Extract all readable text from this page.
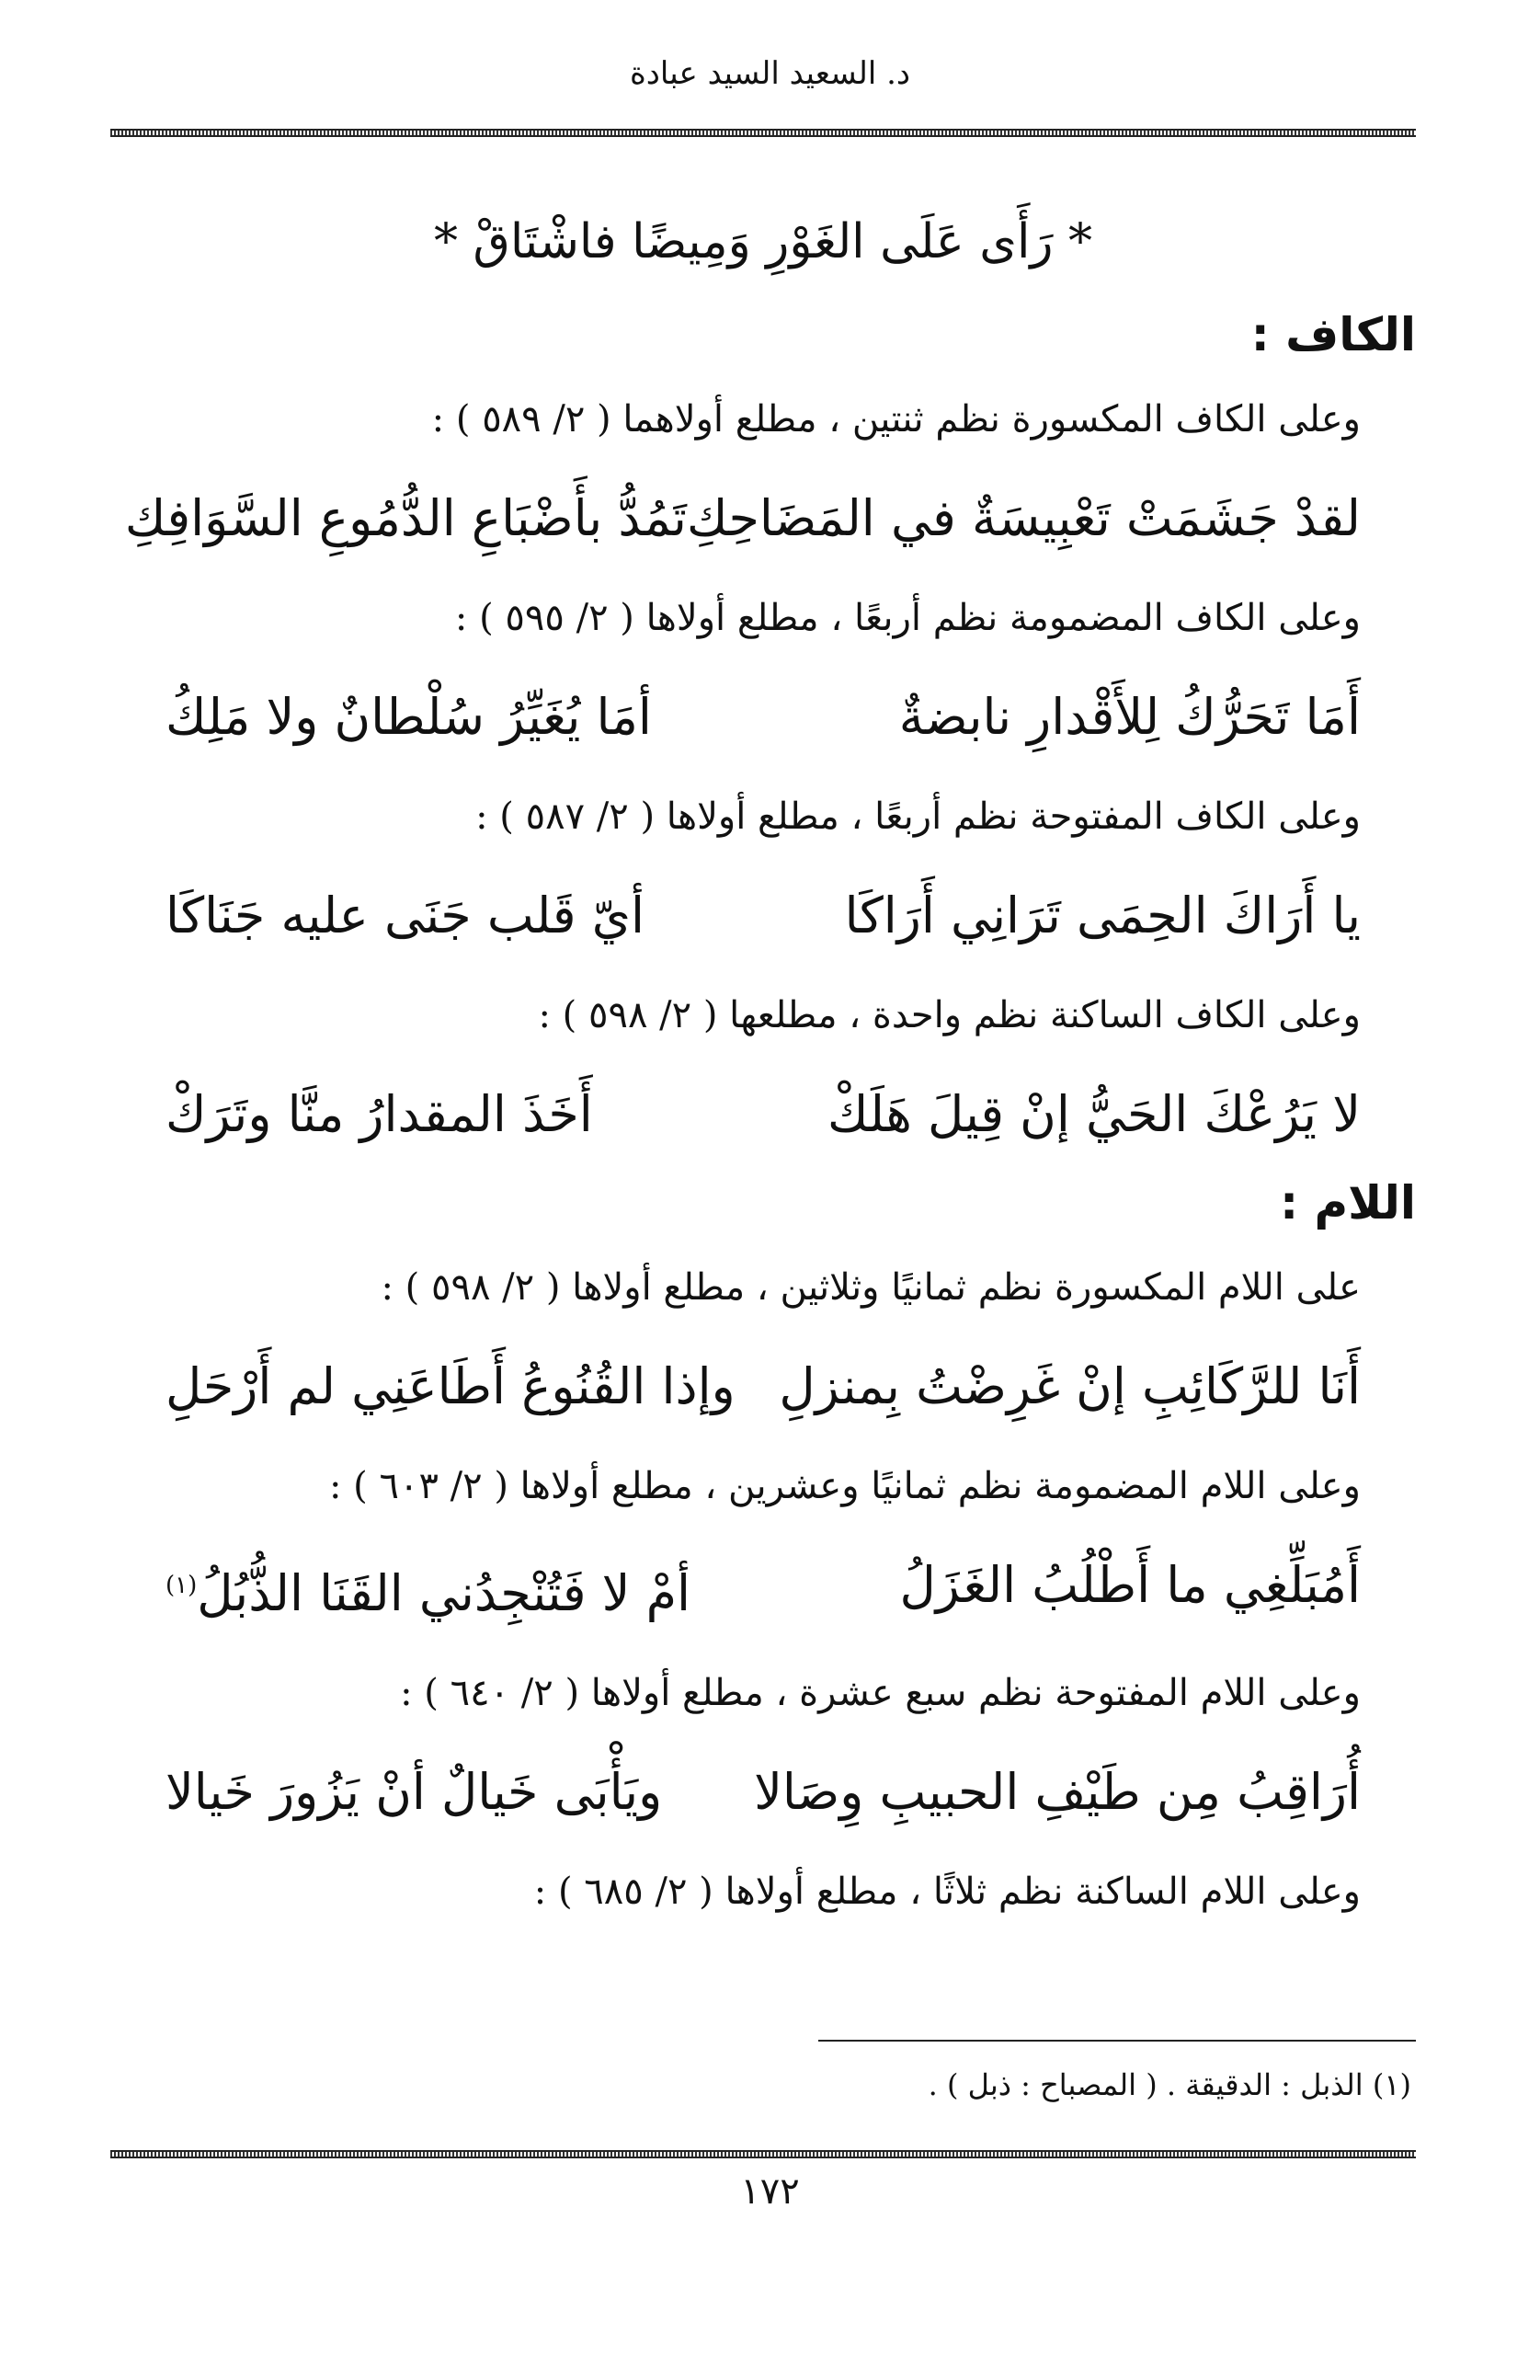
د. السعيد السيد عبادة

* رَأَى عَلَى الغَوْرِ وَمِيضًا فاشْتَاقْ *

الكاف :

وعلى الكاف المكسورة نظم ثنتين ، مطلع أولاهما ( ٢/ ٥٨٩ ) :

لقدْ جَشَمَتْ تَعْبِيسَةٌ في المَضَاحِكِ
تَمُدُّ بأَضْبَاعِ الدُّمُوعِ السَّوَافِكِ

وعلى الكاف المضمومة نظم أربعًا ، مطلع أولاها ( ٢/ ٥٩٥ ) :

أَمَا تَحَرُّكُ لِلأَقْدارِ نابضةٌ
أمَا يُغَيِّرُ سُلْطانٌ ولا مَلِكُ

وعلى الكاف المفتوحة نظم أربعًا ، مطلع أولاها ( ٢/ ٥٨٧ ) :

يا أَرَاكَ الحِمَى تَرَانِي أَرَاكَا
أيّ قَلب جَنَى عليه جَنَاكَا

وعلى الكاف الساكنة نظم واحدة ، مطلعها ( ٢/ ٥٩٨ ) :

لا يَرُعْكَ الحَيُّ إنْ قِيلَ هَلَكْ
أَخَذَ المقدارُ منَّا وتَرَكْ
اللام :

على اللام المكسورة نظم ثمانيًا وثلاثين ، مطلع أولاها ( ٢/ ٥٩٨ ) :

أَنَا للرَّكَائِبِ إنْ غَرِضْتُ بِمنزلِ
وإذا القُنُوعُ أَطَاعَنِي لم أَرْحَلِ

وعلى اللام المضمومة نظم ثمانيًا وعشرين ، مطلع أولاها ( ٢/ ٦٠٣ ) :

أَمُبَلِّغِي ما أَطْلُبُ الغَزَلُ
أمْ لا فَتُنْجِدُني القَنَا الذُّبُلُ$^{(١)}$

وعلى اللام المفتوحة نظم سبع عشرة ، مطلع أولاها ( ٢/ ٦٤٠ ) :

أُرَاقِبُ مِن طَيْفِ الحبيبِ وِصَالا
ويَأْبَى خَيالٌ أنْ يَزُورَ خَيالا

وعلى اللام الساكنة نظم ثلاثًا ، مطلع أولاها ( ٢/ ٦٨٥ ) :

(١) الذبل : الدقيقة . ( المصباح : ذبل ) .
١٧٢
